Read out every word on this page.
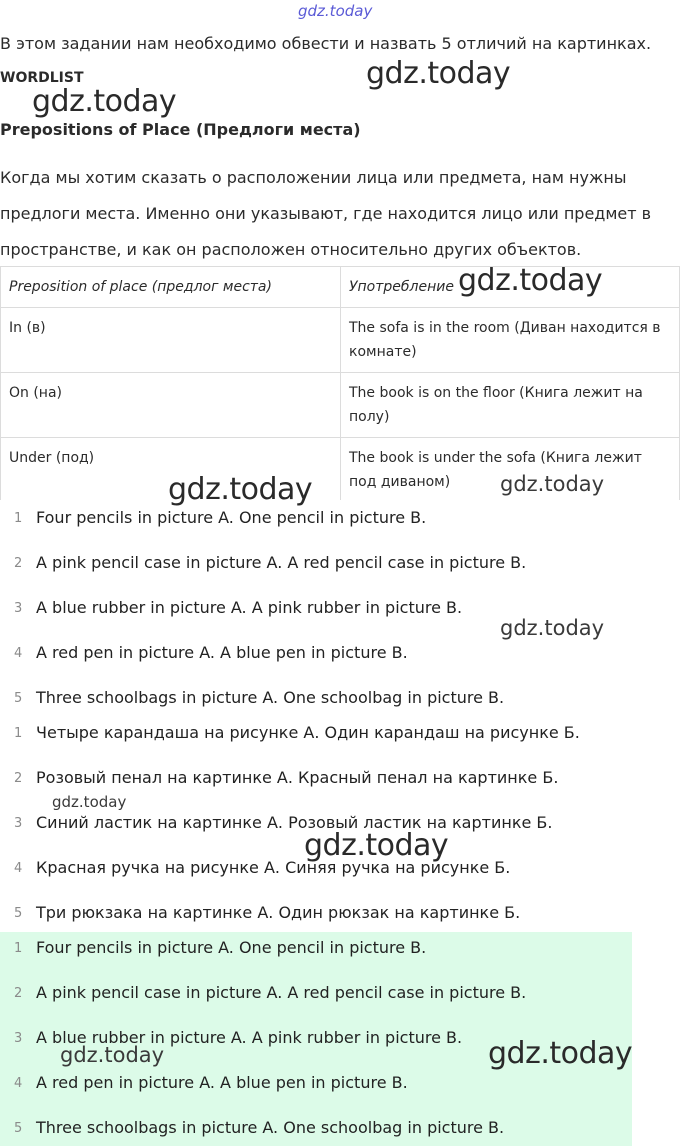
gdz.today

В этом задании нам необходимо обвести и назвать 5 отличий на картинках.

WORDLIST	gdz.today
gdz.today
Prepositions of Place (Предлоги места)

Когда мы хотим сказать о расположении лица или предмета, нам нужны предлоги места. Именно они указывают, где находится лицо или предмет в пространстве, и как он расположен относительно других объектов.

Preposition of place (предлог места)	Употребление
In (в)	The sofa is in the room (Диван находится в комнате)
On (на)	The book is on the floor (Книга лежит на полу)
Under (под)	The book is under the sofa (Книга лежит под диваном)
gdz.today
gdz.today	gdz.today
1 Four pencils in picture A. One pencil in picture B.
2 A pink pencil case in picture A. A red pencil case in picture B.
3 A blue rubber in picture A. A pink rubber in picture B.
4 A red pen in picture A. A blue pen in picture B.
5 Three schoolbags in picture A. One schoolbag in picture B.
gdz.today
1 Четыре карандаша на рисунке А. Один карандаш на рисунке Б.
2 Розовый пенал на картинке А. Красный пенал на картинке Б.
3 Синий ластик на картинке А. Розовый ластик на картинке Б.
4 Красная ручка на рисунке А. Синяя ручка на рисунке Б.
5 Три рюкзака на картинке А. Один рюкзак на картинке Б.
gdz.today
gdz.today
1 Four pencils in picture A. One pencil in picture B.
2 A pink pencil case in picture A. A red pencil case in picture B.
3 A blue rubber in picture A. A pink rubber in picture B.
4 A red pen in picture A. A blue pen in picture B.
5 Three schoolbags in picture A. One schoolbag in picture B.
gdz.today	gdz.today
